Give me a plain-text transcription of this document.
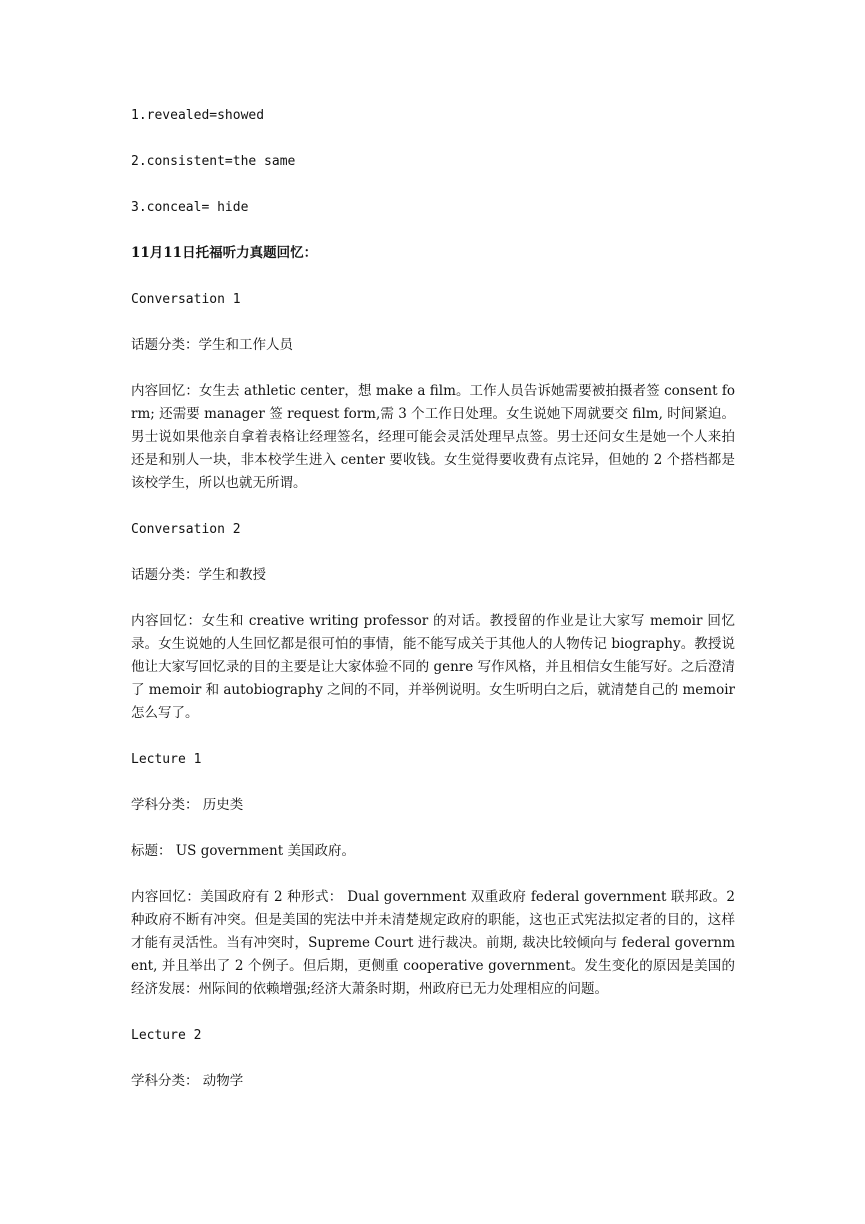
1.revealed=showed

2.consistent=the same

3.conceal= hide

11月11日托福听力真题回忆：

Conversation 1

话题分类：学生和工作人员

内容回忆：女生去 athletic center，想 make a film。工作人员告诉她需要被拍摄者签 consent form; 还需要 manager 签 request form,需 3 个工作日处理。女生说她下周就要交 film, 时间紧迫。男士说如果他亲自拿着表格让经理签名，经理可能会灵活处理早点签。男士还问女生是她一个人来拍还是和别人一块，非本校学生进入 center 要收钱。女生觉得要收费有点诧异，但她的 2 个搭档都是该校学生，所以也就无所谓。

Conversation 2

话题分类：学生和教授

内容回忆：女生和 creative writing professor 的对话。教授留的作业是让大家写 memoir 回忆录。女生说她的人生回忆都是很可怕的事情，能不能写成关于其他人的人物传记 biography。教授说他让大家写回忆录的目的主要是让大家体验不同的 genre 写作风格，并且相信女生能写好。之后澄清了 memoir 和 autobiography 之间的不同，并举例说明。女生听明白之后，就清楚自己的 memoir 怎么写了。

Lecture 1

学科分类： 历史类

标题： US government 美国政府。

内容回忆：美国政府有 2 种形式： Dual government 双重政府 federal government 联邦政。2 种政府不断有冲突。但是美国的宪法中并未清楚规定政府的职能，这也正式宪法拟定者的目的，这样才能有灵活性。当有冲突时，Supreme Court 进行裁决。前期, 裁决比较倾向与 federal government, 并且举出了 2 个例子。但后期，更侧重 cooperative government。发生变化的原因是美国的经济发展：州际间的依赖增强;经济大萧条时期，州政府已无力处理相应的问题。

Lecture 2

学科分类： 动物学
